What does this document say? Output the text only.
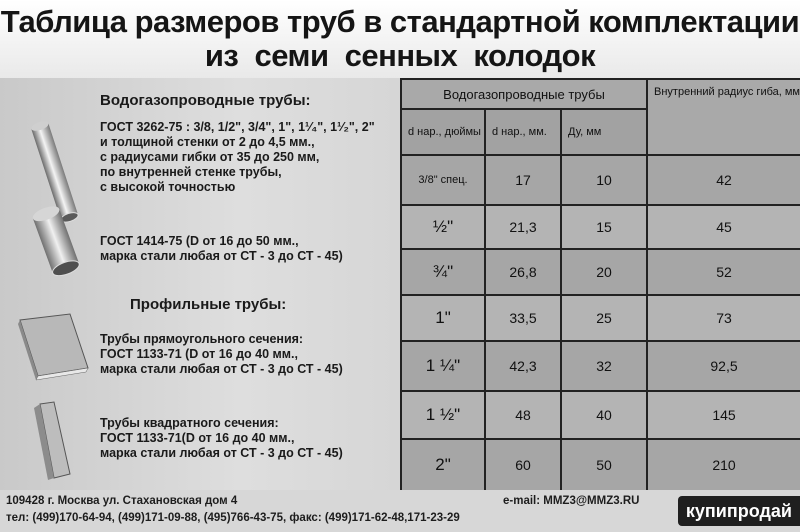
Таблица размеров труб в стандартной комплектации
из семи сенных колодок
Водогазопроводные трубы:
ГОСТ 3262-75 : 3/8, 1/2", 3/4", 1", 1¹⁄₄", 1¹⁄₂", 2"
и толщиной стенки от 2 до 4,5 мм.,
с радиусами гибки от 35 до 250 мм,
по внутренней стенке трубы,
с высокой точностью
ГОСТ 1414-75 (D от 16 до 50 мм.,
марка стали любая от СТ - 3 до СТ - 45)
Профильные трубы:
Трубы прямоугольного сечения:
ГОСТ 1133-71 (D от 16 до 40 мм.,
марка стали любая от СТ - 3 до СТ - 45)
Трубы квадратного сечения:
ГОСТ 1133-71(D от 16 до 40 мм.,
марка стали любая от СТ - 3 до СТ - 45)
Водогазопроводные трубы			Внутренний радиус гиба, мм
d нар., дюймы	d нар., мм.	Ду, мм	
3/8" спец.	17	10	42
½"	21,3	15	45
¾"	26,8	20	52
1"	33,5	25	73
1 ¼"	42,3	32	92,5
1 ½"	48	40	145
2"	60	50	210
109428 г. Москва ул. Стахановская дом 4
тел: (499)170-64-94, (499)171-09-88, (495)766-43-75, факс: (499)171-62-48,171-23-29
e-mail: MMZ3@MMZ3.RU	купипродай
